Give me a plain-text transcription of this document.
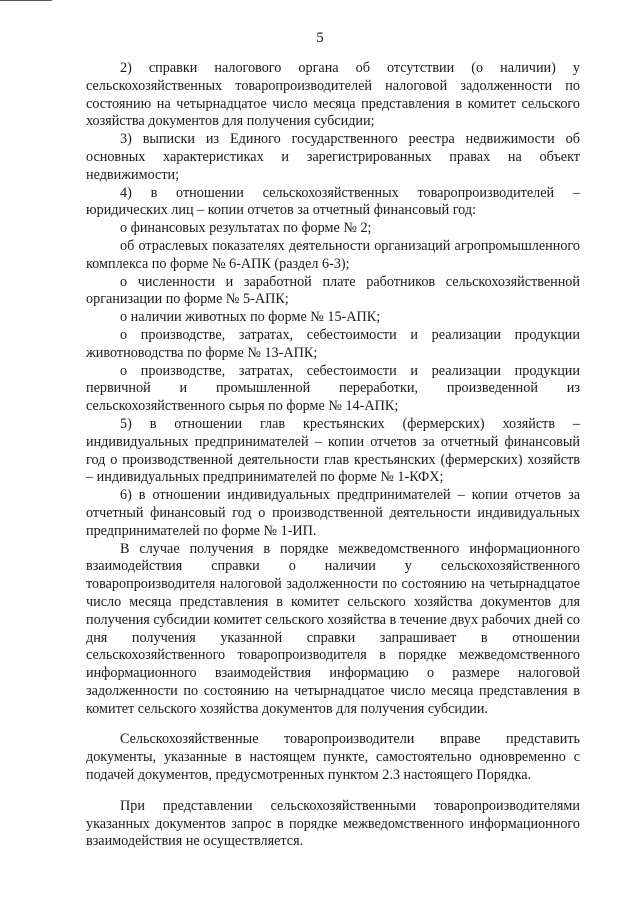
5

2) справки налогового органа об отсутствии (о наличии) у сельскохозяйственных товаропроизводителей налоговой задолженности по состоянию на четырнадцатое число месяца представления в комитет сельского хозяйства документов для получения субсидии;

3) выписки из Единого государственного реестра недвижимости об основных характеристиках и зарегистрированных правах на объект недвижимости;

4) в отношении сельскохозяйственных товаропроизводителей – юридических лиц – копии отчетов за отчетный финансовый год:

о финансовых результатах по форме № 2;

об отраслевых показателях деятельности организаций агропромышленного комплекса по форме № 6-АПК (раздел 6-3);

о численности и заработной плате работников сельскохозяйственной организации по форме № 5-АПК;

о наличии животных по форме № 15-АПК;

о производстве, затратах, себестоимости и реализации продукции животноводства по форме № 13-АПК;

о производстве, затратах, себестоимости и реализации продукции первичной и промышленной переработки, произведенной из сельскохозяйственного сырья по форме № 14-АПК;

5) в отношении глав крестьянских (фермерских) хозяйств – индивидуальных предпринимателей – копии отчетов за отчетный финансовый год о производственной деятельности глав крестьянских (фермерских) хозяйств – индивидуальных предпринимателей по форме № 1-КФХ;

6) в отношении индивидуальных предпринимателей – копии отчетов за отчетный финансовый год о производственной деятельности индивидуальных предпринимателей по форме № 1-ИП.

В случае получения в порядке межведомственного информационного взаимодействия справки о наличии у сельскохозяйственного товаропроизводителя налоговой задолженности по состоянию на четырнадцатое число месяца представления в комитет сельского хозяйства документов для получения субсидии комитет сельского хозяйства в течение двух рабочих дней со дня получения указанной справки запрашивает в отношении сельскохозяйственного товаропроизводителя в порядке межведомственного информационного взаимодействия информацию о размере налоговой задолженности по состоянию на четырнадцатое число месяца представления в комитет сельского хозяйства документов для получения субсидии.

Сельскохозяйственные товаропроизводители вправе представить документы, указанные в настоящем пункте, самостоятельно одновременно с подачей документов, предусмотренных пунктом 2.3 настоящего Порядка.

При представлении сельскохозяйственными товаропроизводителями указанных документов запрос в порядке межведомственного информационного взаимодействия не осуществляется.
